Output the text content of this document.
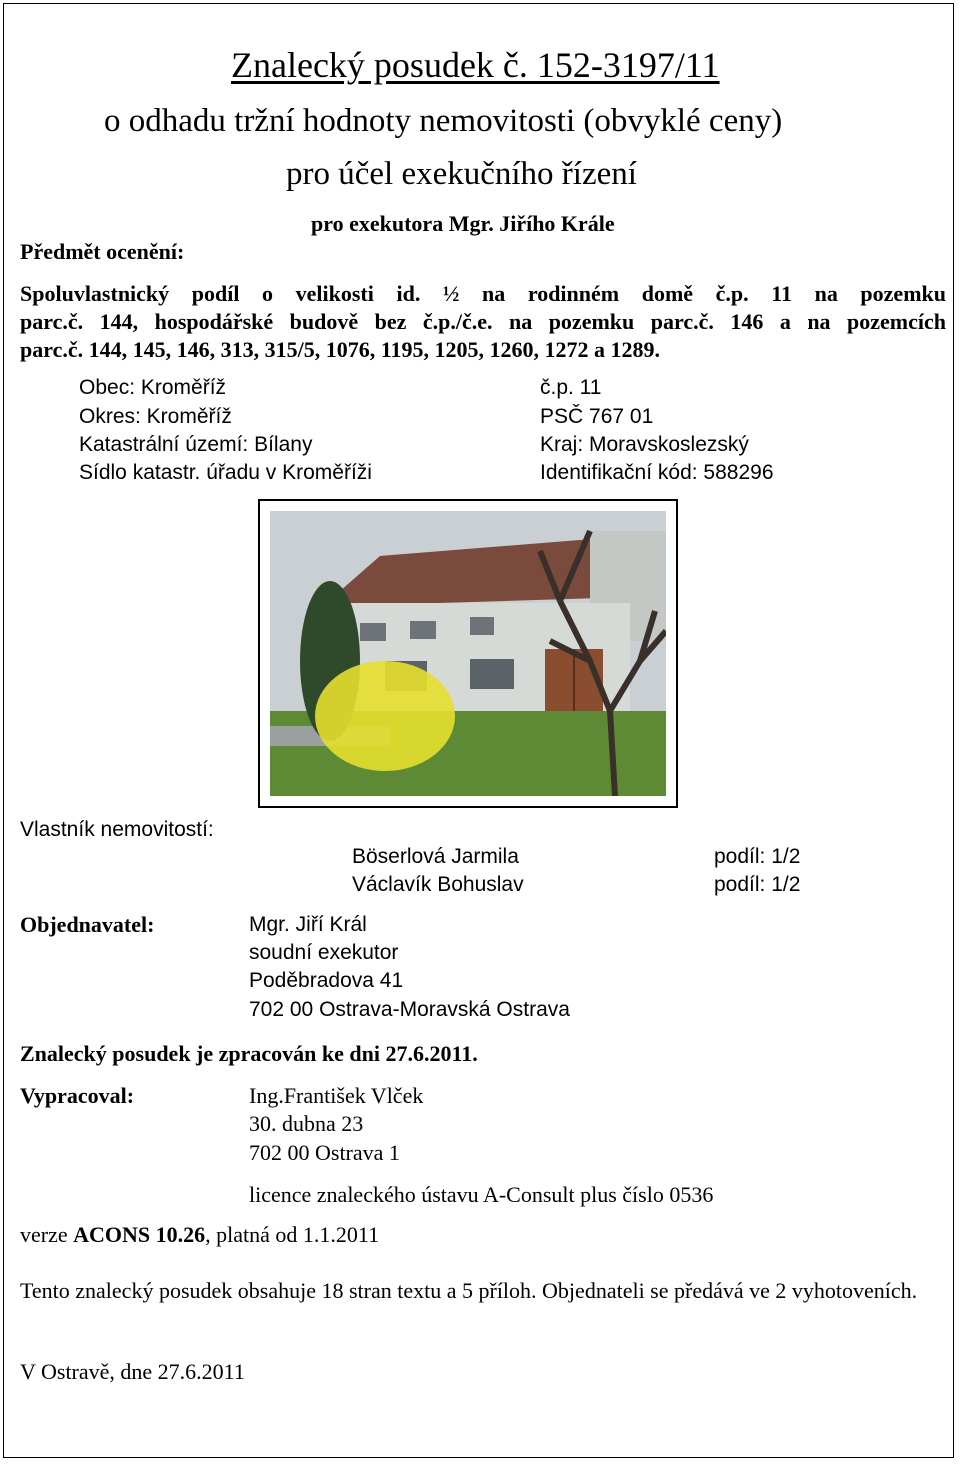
Znalecký posudek č. 152-3197/11
o odhadu tržní hodnoty nemovitosti (obvyklé ceny)
pro účel exekučního řízení
pro exekutora Mgr. Jiřího Krále
Předmět ocenění:
Spoluvlastnický podíl o velikosti id. ½ na rodinném domě č.p. 11 na pozemku
parc.č. 144, hospodářské budově bez č.p./č.e. na pozemku parc.č. 146 a na pozemcích
parc.č. 144, 145, 146, 313, 315/5, 1076, 1195, 1205, 1260, 1272 a 1289.
Obec: Kroměříž	č.p. 11
Okres: Kroměříž	PSČ 767 01
Katastrální území: Bílany	Kraj: Moravskoslezský
Sídlo katastr. úřadu v Kroměříži	Identifikační kód: 588296
Vlastník nemovitostí:
Böserlová Jarmila	podíl: 1/2
Václavík Bohuslav	podíl: 1/2
Objednavatel:	Mgr. Jiří Král
soudní exekutor
Poděbradova 41
702 00 Ostrava-Moravská Ostrava
Znalecký posudek je zpracován ke dni 27.6.2011.
Vypracoval:	Ing.František Vlček
30. dubna 23
702 00 Ostrava 1
licence znaleckého ústavu A-Consult plus číslo 0536
verze ACONS 10.26, platná od 1.1.2011
Tento znalecký posudek obsahuje 18 stran textu a 5 příloh. Objednateli se předává ve 2 vyhotoveních.
V Ostravě, dne 27.6.2011
